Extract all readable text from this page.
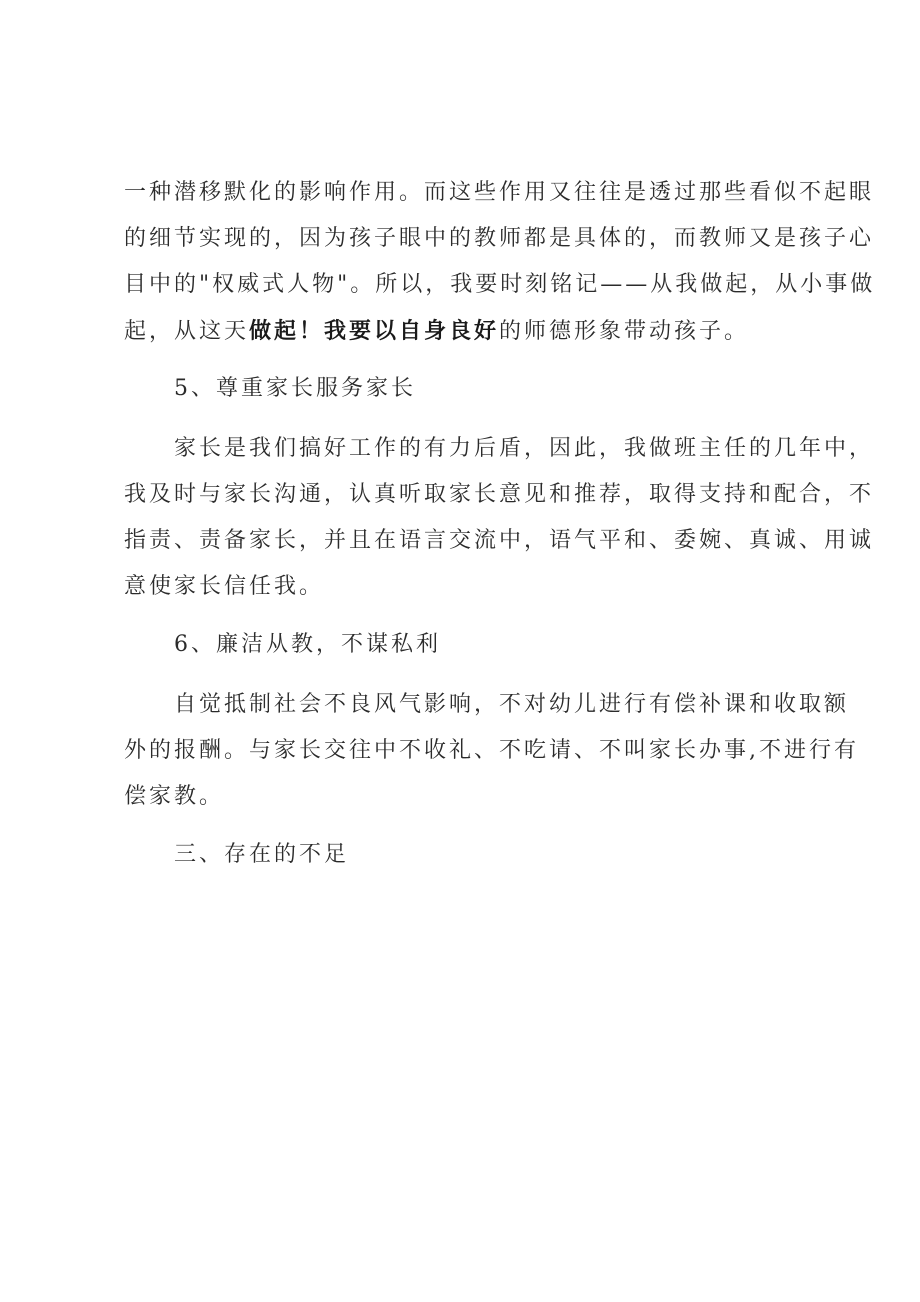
一种潜移默化的影响作用。而这些作用又往往是透过那些看似不起眼
的细节实现的，因为孩子眼中的教师都是具体的，而教师又是孩子心
目中的"权威式人物"。所以，我要时刻铭记——从我做起，从小事做
起，从这天做起！我要以自身良好的师德形象带动孩子。
5、尊重家长服务家长
家长是我们搞好工作的有力后盾，因此，我做班主任的几年中，
我及时与家长沟通，认真听取家长意见和推荐，取得支持和配合，不
指责、责备家长，并且在语言交流中，语气平和、委婉、真诚、用诚
意使家长信任我。
6、廉洁从教，不谋私利
自觉抵制社会不良风气影响，不对幼儿进行有偿补课和收取额
外的报酬。与家长交往中不收礼、不吃请、不叫家长办事,不进行有
偿家教。
三、存在的不足
